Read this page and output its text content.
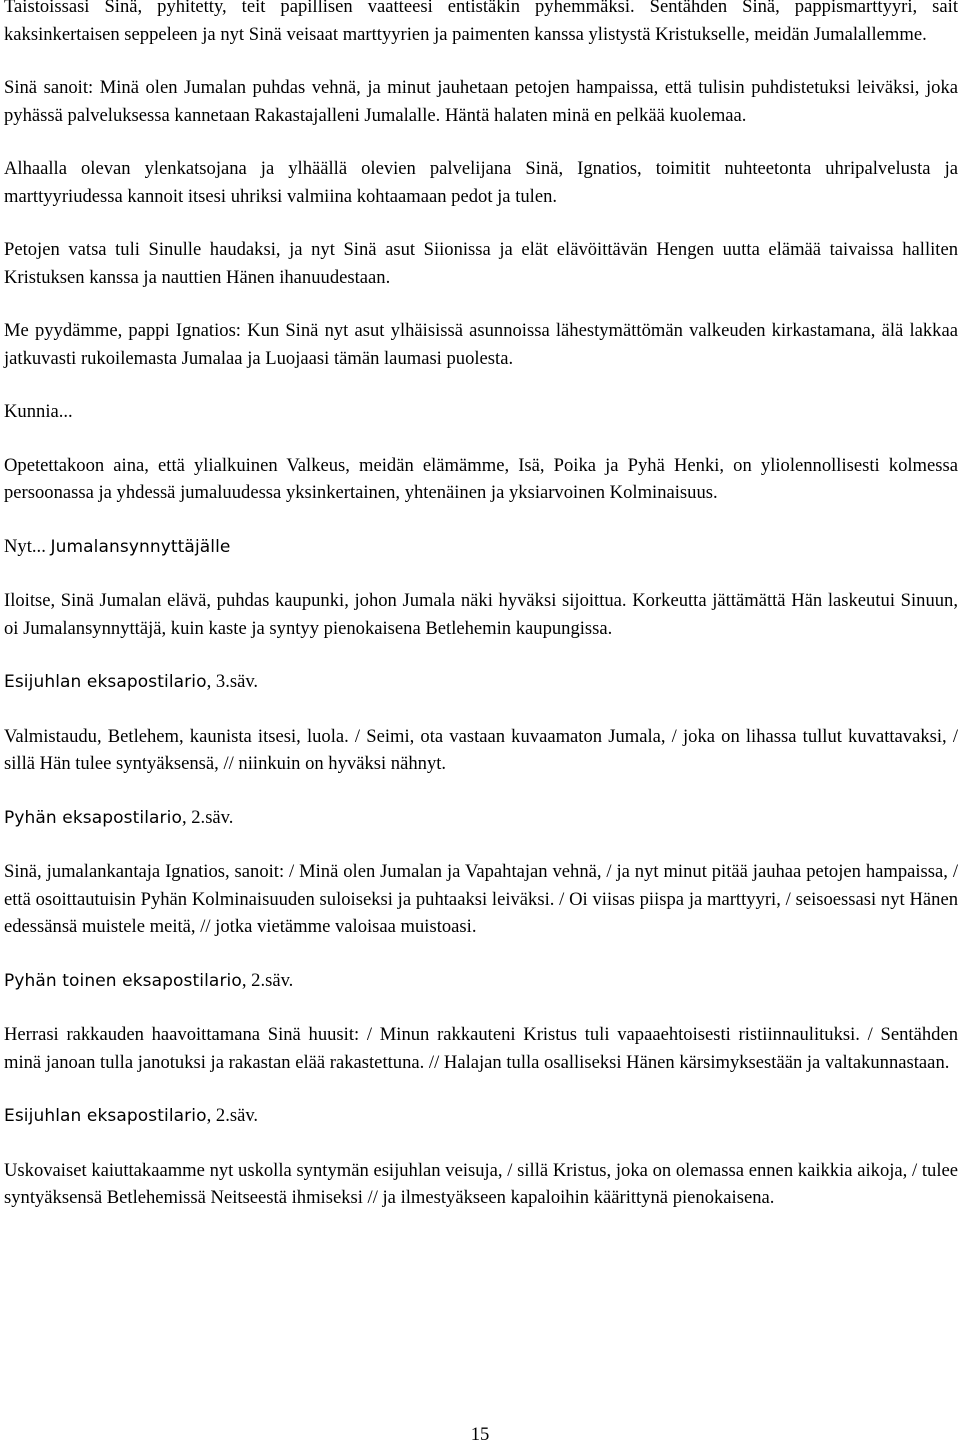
Taistoissasi Sinä, pyhitetty, teit papillisen vaatteesi entistäkin pyhemmäksi. Sentähden Sinä, pappismarttyyri, sait kaksinkertaisen seppeleen ja nyt Sinä veisaat marttyyrien ja paimenten kanssa ylistystä Kristukselle, meidän Jumalallemme.

Sinä sanoit: Minä olen Jumalan puhdas vehnä, ja minut jauhetaan petojen hampaissa, että tulisin puhdistetuksi leiväksi, joka pyhässä palveluksessa kannetaan Rakastajalleni Jumalalle. Häntä halaten minä en pelkää kuolemaa.

Alhaalla olevan ylenkatsojana ja ylhäällä olevien palvelijana Sinä, Ignatios, toimitit nuhteetonta uhripalvelusta ja marttyyriudessa kannoit itsesi uhriksi valmiina kohtaamaan pedot ja tulen.

Petojen vatsa tuli Sinulle haudaksi, ja nyt Sinä asut Siionissa ja elät elävöittävän Hengen uutta elämää taivaissa halliten Kristuksen kanssa ja nauttien Hänen ihanuudestaan.

Me pyydämme, pappi Ignatios: Kun Sinä nyt asut ylhäisissä asunnoissa lähestymättömän valkeuden kirkastamana, älä lakkaa jatkuvasti rukoilemasta Jumalaa ja Luojaasi tämän laumasi puolesta.

Kunnia...

Opetettakoon aina, että ylialkuinen Valkeus, meidän elämämme, Isä, Poika ja Pyhä Henki, on yliolennollisesti kolmessa persoonassa ja yhdessä jumaluudessa yksinkertainen, yhtenäinen ja yksiarvoinen Kolminaisuus.

Nyt... Jumalansynnyttäjälle

Iloitse, Sinä Jumalan elävä, puhdas kaupunki, johon Jumala näki hyväksi sijoittua. Korkeutta jättämättä Hän laskeutui Sinuun, oi Jumalansynnyttäjä, kuin kaste ja syntyy pienokaisena Betlehemin kaupungissa.

Esijuhlan eksapostilario, 3.säv.

Valmistaudu, Betlehem, kaunista itsesi, luola. / Seimi, ota vastaan kuvaamaton Jumala, / joka on lihassa tullut kuvattavaksi, / sillä Hän tulee syntyäksensä, // niinkuin on hyväksi nähnyt.

Pyhän eksapostilario, 2.säv.

Sinä, jumalankantaja Ignatios, sanoit: / Minä olen Jumalan ja Vapahtajan vehnä, / ja nyt minut pitää jauhaa petojen hampaissa, / että osoittautuisin Pyhän Kolminaisuuden suloiseksi ja puhtaaksi leiväksi. / Oi viisas piispa ja marttyyri, / seisoessasi nyt Hänen edessänsä muistele meitä, // jotka vietämme valoisaa muistoasi.

Pyhän toinen eksapostilario, 2.säv.

Herrasi rakkauden haavoittamana Sinä huusit: / Minun rakkauteni Kristus tuli vapaaehtoisesti ristiinnaulituksi. / Sentähden minä janoan tulla janotuksi ja rakastan elää rakastettuna. // Halajan tulla osalliseksi Hänen kärsimyksestään ja valtakunnastaan.

Esijuhlan eksapostilario, 2.säv.

Uskovaiset kaiuttakaamme nyt uskolla syntymän esijuhlan veisuja, / sillä Kristus, joka on olemassa ennen kaikkia aikoja, / tulee syntyäksensä Betlehemissä Neitseestä ihmiseksi // ja ilmestyäkseen kapaloihin käärittynä pienokaisena.

15
